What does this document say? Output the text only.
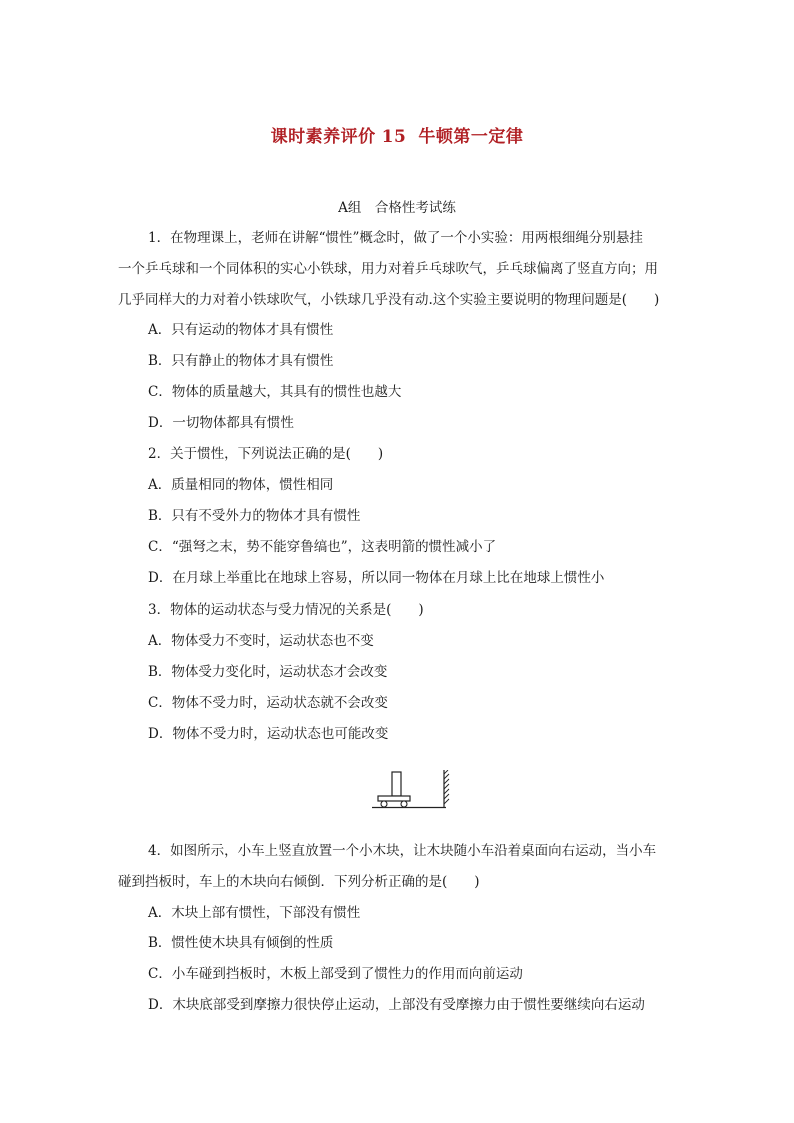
课时素养评价 15 牛顿第一定律
A组　合格性考试练
1．在物理课上，老师在讲解“惯性”概念时，做了一个小实验：用两根细绳分别悬挂
一个乒乓球和一个同体积的实心小铁球，用力对着乒乓球吹气，乒乓球偏离了竖直方向；用
几乎同样大的力对着小铁球吹气，小铁球几乎没有动.这个实验主要说明的物理问题是(　　)
A．只有运动的物体才具有惯性
B．只有静止的物体才具有惯性
C．物体的质量越大，其具有的惯性也越大
D．一切物体都具有惯性
2．关于惯性，下列说法正确的是(　　)
A．质量相同的物体，惯性相同
B．只有不受外力的物体才具有惯性
C．“强弩之末，势不能穿鲁缟也”，这表明箭的惯性减小了
D．在月球上举重比在地球上容易，所以同一物体在月球上比在地球上惯性小
3．物体的运动状态与受力情况的关系是(　　)
A．物体受力不变时，运动状态也不变
B．物体受力变化时，运动状态才会改变
C．物体不受力时，运动状态就不会改变
D．物体不受力时，运动状态也可能改变
4．如图所示，小车上竖直放置一个小木块，让木块随小车沿着桌面向右运动，当小车
碰到挡板时，车上的木块向右倾倒．下列分析正确的是(　　)
A．木块上部有惯性，下部没有惯性
B．惯性使木块具有倾倒的性质
C．小车碰到挡板时，木板上部受到了惯性力的作用而向前运动
D．木块底部受到摩擦力很快停止运动，上部没有受摩擦力由于惯性要继续向右运动
